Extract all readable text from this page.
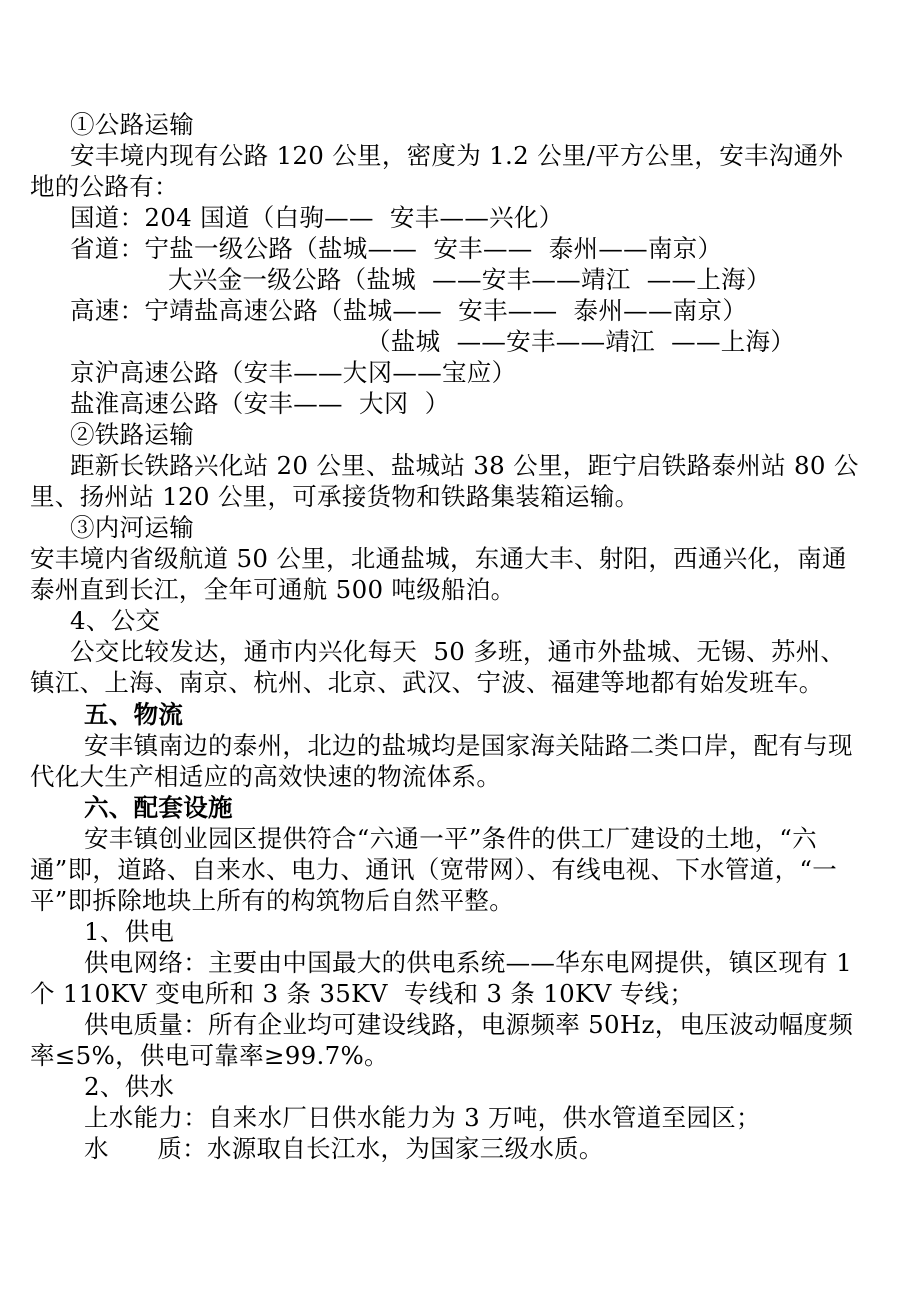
①公路运输
安丰境内现有公路 120 公里，密度为 1.2 公里/平方公里，安丰沟通外
地的公路有：
国道：204 国道（白驹——  安丰——兴化）
省道：宁盐一级公路（盐城——  安丰——  泰州——南京）
大兴金一级公路（盐城  ——安丰——靖江  ——上海）
高速：宁靖盐高速公路（盐城——  安丰——  泰州——南京）
（盐城  ——安丰——靖江  ——上海）
京沪高速公路（安丰——大冈——宝应）
盐淮高速公路（安丰——  大冈  ）
②铁路运输
距新长铁路兴化站 20 公里、盐城站 38 公里，距宁启铁路泰州站 80 公
里、扬州站 120 公里，可承接货物和铁路集装箱运输。
③内河运输
安丰境内省级航道 50 公里，北通盐城，东通大丰、射阳，西通兴化，南通
泰州直到长江，全年可通航 500 吨级船泊。
4、公交
公交比较发达，通市内兴化每天  50 多班，通市外盐城、无锡、苏州、
镇江、上海、南京、杭州、北京、武汉、宁波、福建等地都有始发班车。
五、物流
安丰镇南边的泰州，北边的盐城均是国家海关陆路二类口岸，配有与现
代化大生产相适应的高效快速的物流体系。
六、配套设施
安丰镇创业园区提供符合“六通一平”条件的供工厂建设的土地，“六
通”即，道路、自来水、电力、通讯（宽带网）、有线电视、下水管道，“一
平”即拆除地块上所有的构筑物后自然平整。
1、供电
供电网络：主要由中国最大的供电系统——华东电网提供，镇区现有 1
个 110KV 变电所和 3 条 35KV  专线和 3 条 10KV 专线；
供电质量：所有企业均可建设线路，电源频率 50Hz，电压波动幅度频
率≤5%，供电可靠率≥99.7%。
2、供水
上水能力：自来水厂日供水能力为 3 万吨，供水管道至园区；
水      质：水源取自长江水，为国家三级水质。
